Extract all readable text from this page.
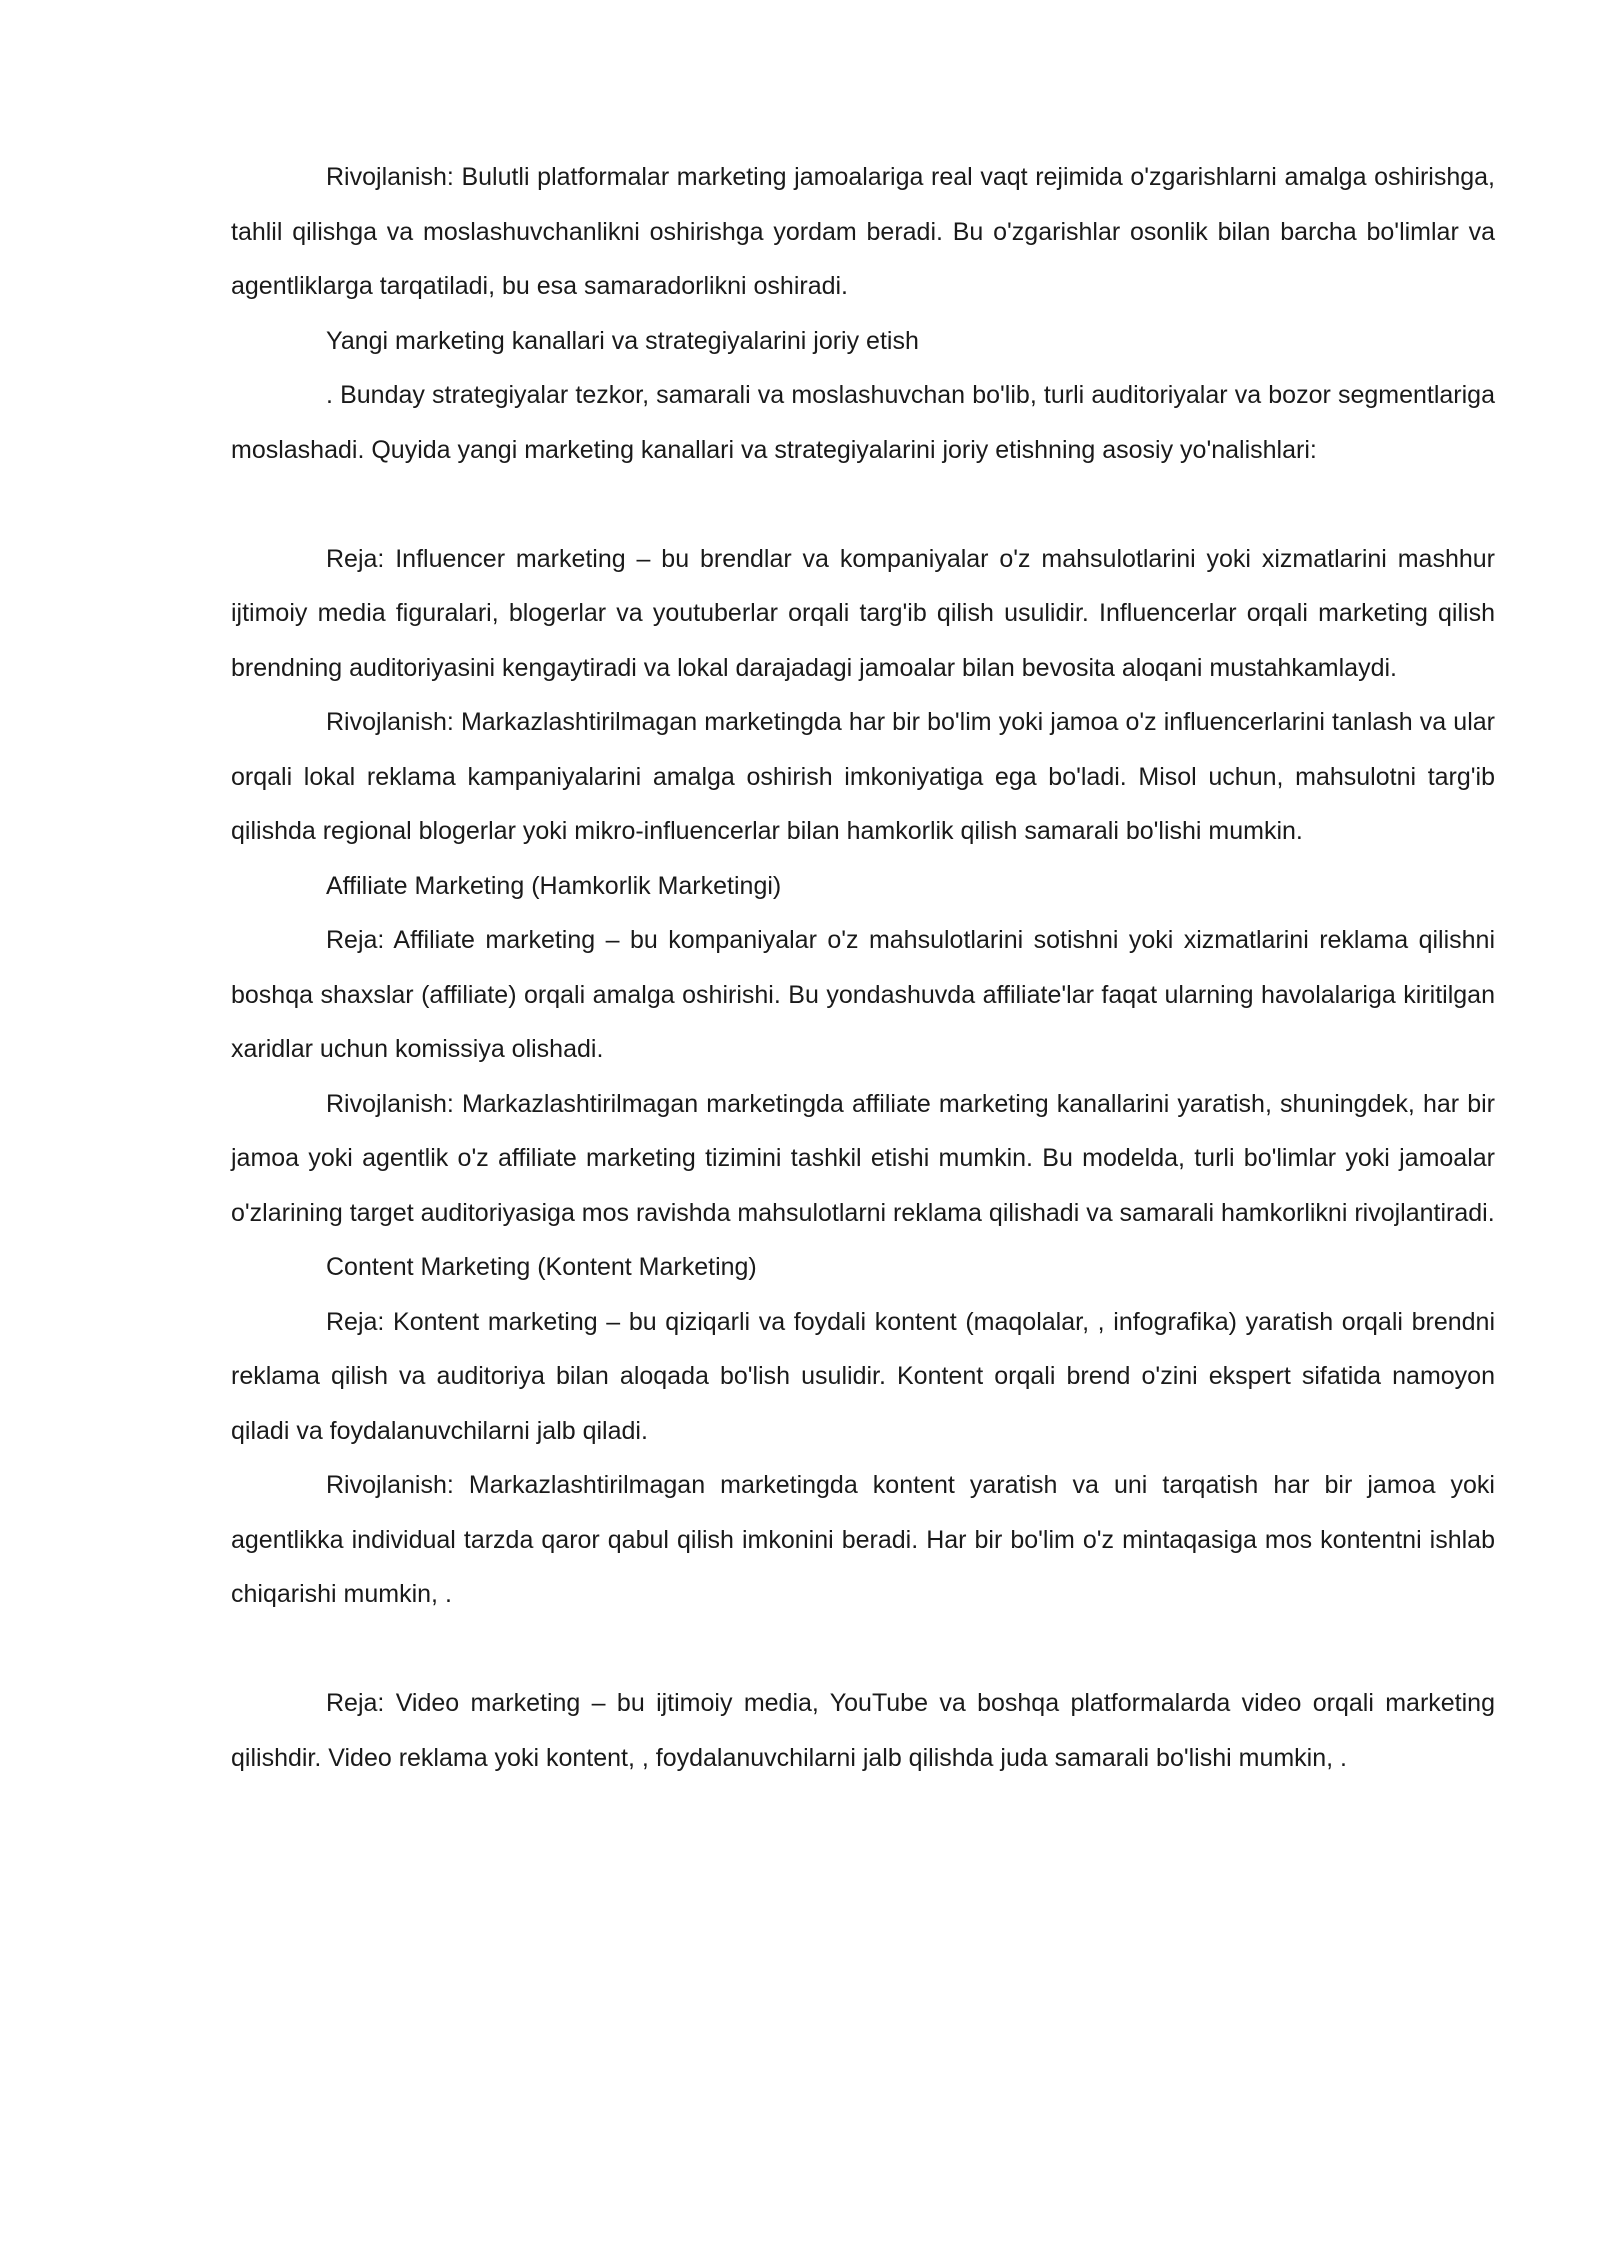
Rivojlanish: Bulutli platformalar marketing jamoalariga real vaqt rejimida o'zgarishlarni amalga oshirishga, tahlil qilishga va moslashuvchanlikni oshirishga yordam beradi. Bu o'zgarishlar osonlik bilan barcha bo'limlar va agentliklarga tarqatiladi, bu esa samaradorlikni oshiradi.

Yangi marketing kanallari va strategiyalarini joriy etish

. Bunday strategiyalar tezkor, samarali va moslashuvchan bo'lib, turli auditoriyalar va bozor segmentlariga moslashadi. Quyida yangi marketing kanallari va strategiyalarini joriy etishning asosiy yo'nalishlari:

Reja: Influencer marketing – bu brendlar va kompaniyalar o'z mahsulotlarini yoki xizmatlarini mashhur ijtimoiy media figuralari, blogerlar va youtuberlar orqali targ'ib qilish usulidir. Influencerlar orqali marketing qilish brendning auditoriyasini kengaytiradi va lokal darajadagi jamoalar bilan bevosita aloqani mustahkamlaydi.

Rivojlanish: Markazlashtirilmagan marketingda har bir bo'lim yoki jamoa o'z influencerlarini tanlash va ular orqali lokal reklama kampaniyalarini amalga oshirish imkoniyatiga ega bo'ladi. Misol uchun, mahsulotni targ'ib qilishda regional blogerlar yoki mikro-influencerlar bilan hamkorlik qilish samarali bo'lishi mumkin.

Affiliate Marketing (Hamkorlik Marketingi)

Reja: Affiliate marketing – bu kompaniyalar o'z mahsulotlarini sotishni yoki xizmatlarini reklama qilishni boshqa shaxslar (affiliate) orqali amalga oshirishi. Bu yondashuvda affiliate'lar faqat ularning havolalariga kiritilgan xaridlar uchun komissiya olishadi.

Rivojlanish: Markazlashtirilmagan marketingda affiliate marketing kanallarini yaratish, shuningdek, har bir jamoa yoki agentlik o'z affiliate marketing tizimini tashkil etishi mumkin. Bu modelda, turli bo'limlar yoki jamoalar o'zlarining target auditoriyasiga mos ravishda mahsulotlarni reklama qilishadi va samarali hamkorlikni rivojlantiradi.

Content Marketing (Kontent Marketing)

Reja: Kontent marketing – bu qiziqarli va foydali kontent (maqolalar, , infografika) yaratish orqali brendni reklama qilish va auditoriya bilan aloqada bo'lish usulidir. Kontent orqali brend o'zini ekspert sifatida namoyon qiladi va foydalanuvchilarni jalb qiladi.

Rivojlanish: Markazlashtirilmagan marketingda kontent yaratish va uni tarqatish har bir jamoa yoki agentlikka individual tarzda qaror qabul qilish imkonini beradi. Har bir bo'lim o'z mintaqasiga mos kontentni ishlab chiqarishi mumkin, .

Reja: Video marketing – bu ijtimoiy media, YouTube va boshqa platformalarda video orqali marketing qilishdir. Video reklama yoki kontent, , foydalanuvchilarni jalb qilishda juda samarali bo'lishi mumkin, .
